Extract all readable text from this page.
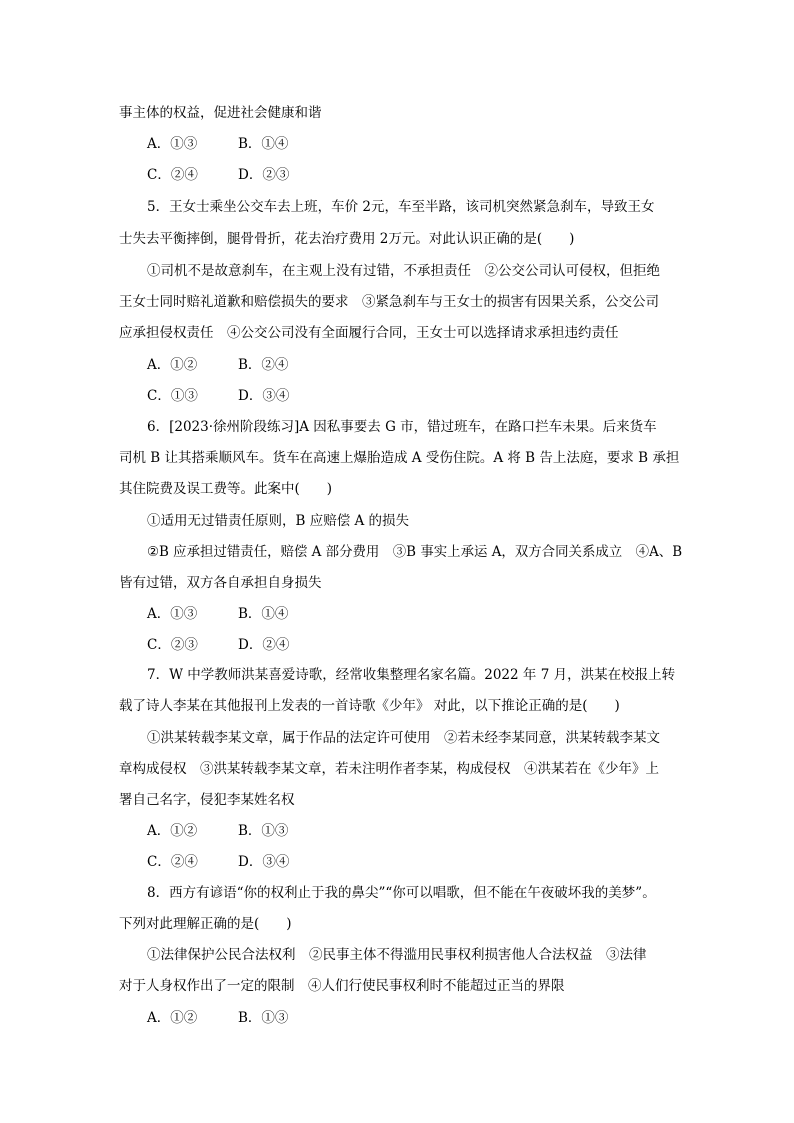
事主体的权益，促进社会健康和谐
A．①③	B．①④
C．②④	D．②③
5．王女士乘坐公交车去上班，车价 2元，车至半路，该司机突然紧急刹车，导致王女
士失去平衡摔倒，腿骨骨折，花去治疗费用 2万元。对此认识正确的是(　　)
①司机不是故意刹车，在主观上没有过错，不承担责任　②公交公司认可侵权，但拒绝
王女士同时赔礼道歉和赔偿损失的要求　③紧急刹车与王女士的损害有因果关系，公交公司
应承担侵权责任　④公交公司没有全面履行合同，王女士可以选择请求承担违约责任
A．①②	B．②④
C．①③	D．③④
6．[2023·徐州阶段练习]A 因私事要去 G 市，错过班车，在路口拦车未果。后来货车
司机 B 让其搭乘顺风车。货车在高速上爆胎造成 A 受伤住院。A 将 B 告上法庭，要求 B 承担
其住院费及误工费等。此案中(　　)
①适用无过错责任原则，B 应赔偿 A 的损失
②B 应承担过错责任，赔偿 A 部分费用　③B 事实上承运 A，双方合同关系成立　④A、B
皆有过错，双方各自承担自身损失
A．①③	B．①④
C．②③	D．②④
7．W 中学教师洪某喜爱诗歌，经常收集整理名家名篇。2022 年 7 月，洪某在校报上转
载了诗人李某在其他报刊上发表的一首诗歌《少年》 对此，以下推论正确的是(　　)
①洪某转载李某文章，属于作品的法定许可使用　②若未经李某同意，洪某转载李某文
章构成侵权　③洪某转载李某文章，若未注明作者李某，构成侵权　④洪某若在《少年》上
署自己名字，侵犯李某姓名权
A．①②	B．①③
C．②④	D．③④
8．西方有谚语“你的权利止于我的鼻尖”“你可以唱歌，但不能在午夜破坏我的美梦”。
下列对此理解正确的是(　　)
①法律保护公民合法权利　②民事主体不得滥用民事权利损害他人合法权益　③法律
对于人身权作出了一定的限制　④人们行使民事权利时不能超过正当的界限
A．①②	B．①③
